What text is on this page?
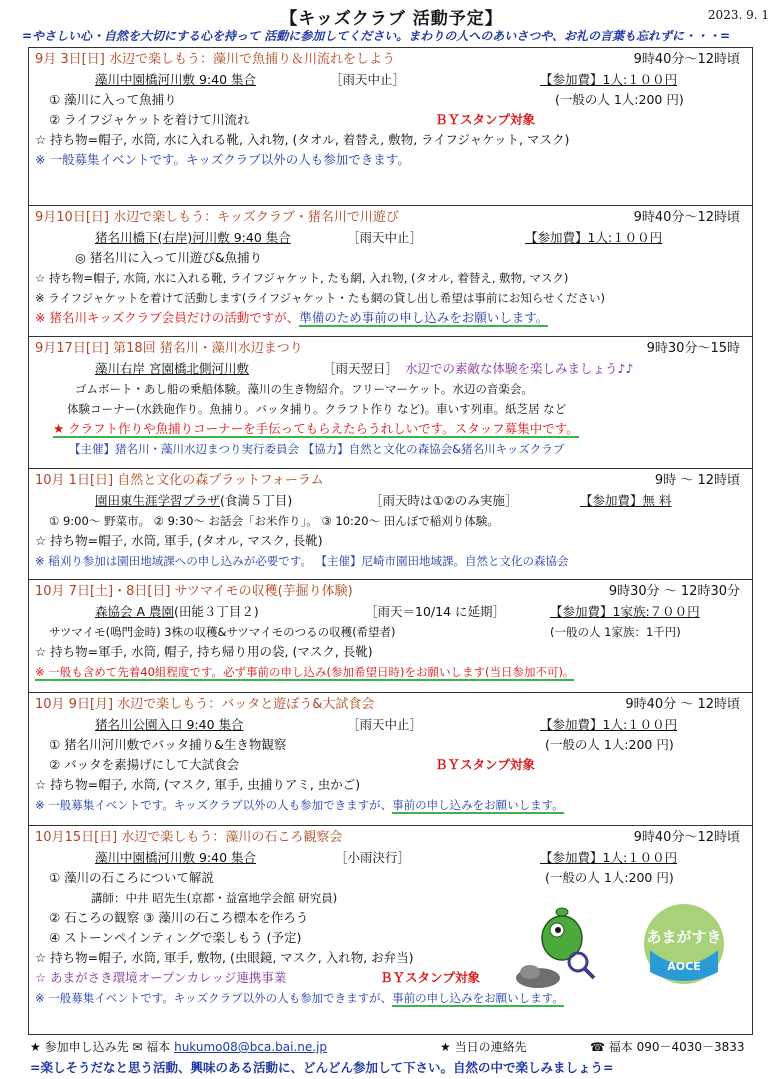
【キッズクラブ 活動予定】	2023. 9. 1
=やさしい心・自然を大切にする心を持って 活動に参加してください。まわりの人へのあいさつや、お礼の言葉も忘れずに・・・=
9月 3日[日] 水辺で楽しもう：藻川で魚捕り＆川流れをしよう	9時40分～12時頃
藻川中園橋河川敷 9:40 集合	［雨天中止］	【参加費】1人:１００円
① 藻川に入って魚捕り	(一般の人 1人:200 円)
② ライフジャケットを着けて川流れ	ＢＹスタンプ対象
☆ 持ち物=帽子, 水筒, 水に入れる靴, 入れ物, (タオル, 着替え, 敷物, ライフジャケット, マスク)
※ 一般募集イベントです。キッズクラブ以外の人も参加できます。
9月10日[日] 水辺で楽しもう：キッズクラブ・猪名川で川遊び	9時40分～12時頃
猪名川橋下(右岸)河川敷 9:40 集合	［雨天中止］	【参加費】1人:１００円
◎ 猪名川に入って川遊び&魚捕り
☆ 持ち物=帽子, 水筒, 水に入れる靴, ライフジャケット, たも網, 入れ物, (タオル, 着替え, 敷物, マスク)
※ ライフジャケットを着けて活動します(ライフジャケット・たも網の貸し出し希望は事前にお知らせください)
※ 猪名川キッズクラブ会員だけの活動ですが、準備のため事前の申し込みをお願いします。
9月17日[日] 第18回 猪名川・藻川水辺まつり	9時30分～15時
藻川右岸 宮園橋北側河川敷	［雨天翌日］ 水辺での素敵な体験を楽しみましょう♪♪
ゴムボート・あし船の乗船体験。藻川の生き物紹介。フリーマーケット。水辺の音楽会。
体験コーナー(水鉄砲作り。魚捕り。バッタ捕り。クラフト作り など)。車いす列車。紙芝居 など
★ クラフト作りや魚捕りコーナーを手伝ってもらえたらうれしいです。スタッフ募集中です。
【主催】猪名川・藻川水辺まつり実行委員会 【協力】自然と文化の森協会&猪名川キッズクラブ
10月 1日[日] 自然と文化の森プラットフォーラム	9時 ～ 12時頃
園田東生涯学習プラザ(食満５丁目)	［雨天時は①②のみ実施］	【参加費】無 料
① 9:00～ 野菜市。 ② 9:30～ お話会「お米作り」。 ③ 10:20～ 田んぼで稲刈り体験。
☆ 持ち物=帽子, 水筒, 軍手, (タオル, マスク, 長靴)
※ 稲刈り参加は園田地域課への申し込みが必要です。 【主催】尼崎市園田地域課。自然と文化の森協会
10月 7日[土]・8日[日] サツマイモの収穫(芋掘り体験)	9時30分 ～ 12時30分
森協会 A 農園(田能３丁目２)	［雨天＝10/14 に延期］	【参加費】1家族:７００円
サツマイモ(鳴門金時) 3株の収穫&サツマイモのつるの収穫(希望者)	(一般の人 1家族：1千円)
☆ 持ち物=軍手, 水筒, 帽子, 持ち帰り用の袋, (マスク, 長靴)
※ 一般も含めて先着40組程度です。必ず事前の申し込み(参加希望日時)をお願いします(当日参加不可)。
10月 9日[月] 水辺で楽しもう：バッタと遊ぼう&大試食会	9時40分 ～ 12時頃
猪名川公園入口 9:40 集合	［雨天中止］	【参加費】1人:１００円
① 猪名川河川敷でバッタ捕り&生き物観察	(一般の人 1人:200 円)
② バッタを素揚げにして大試食会	ＢＹスタンプ対象
☆ 持ち物=帽子, 水筒, (マスク, 軍手, 虫捕りアミ, 虫かご)
※ 一般募集イベントです。キッズクラブ以外の人も参加できますが、事前の申し込みをお願いします。
10月15日[日] 水辺で楽しもう：藻川の石ころ観察会	9時40分～12時頃
藻川中園橋河川敷 9:40 集合	［小雨決行］	【参加費】1人:１００円
① 藻川の石ころについて解説	(一般の人 1人:200 円)
講師：中井 昭先生(京都・益富地学会館 研究員)
② 石ころの観察 ③ 藻川の石ころ標本を作ろう
④ ストーンペインティングで楽しもう (予定)
☆ 持ち物=帽子, 水筒, 軍手, 敷物, (虫眼鏡, マスク, 入れ物, お弁当)
☆ あまがさき環境オープンカレッジ連携事業	ＢＹスタンプ対象
※ 一般募集イベントです。キッズクラブ以外の人も参加できますが、事前の申し込みをお願いします。
あまがすき
AOCE
★ 参加申し込み先 ✉ 福本 hukumo08@bca.bai.ne.jp	★ 当日の連絡先	☎ 福本 090－4030－3833
=楽しそうだなと思う活動、興味のある活動に、どんどん参加して下さい。自然の中で楽しみましょう=
